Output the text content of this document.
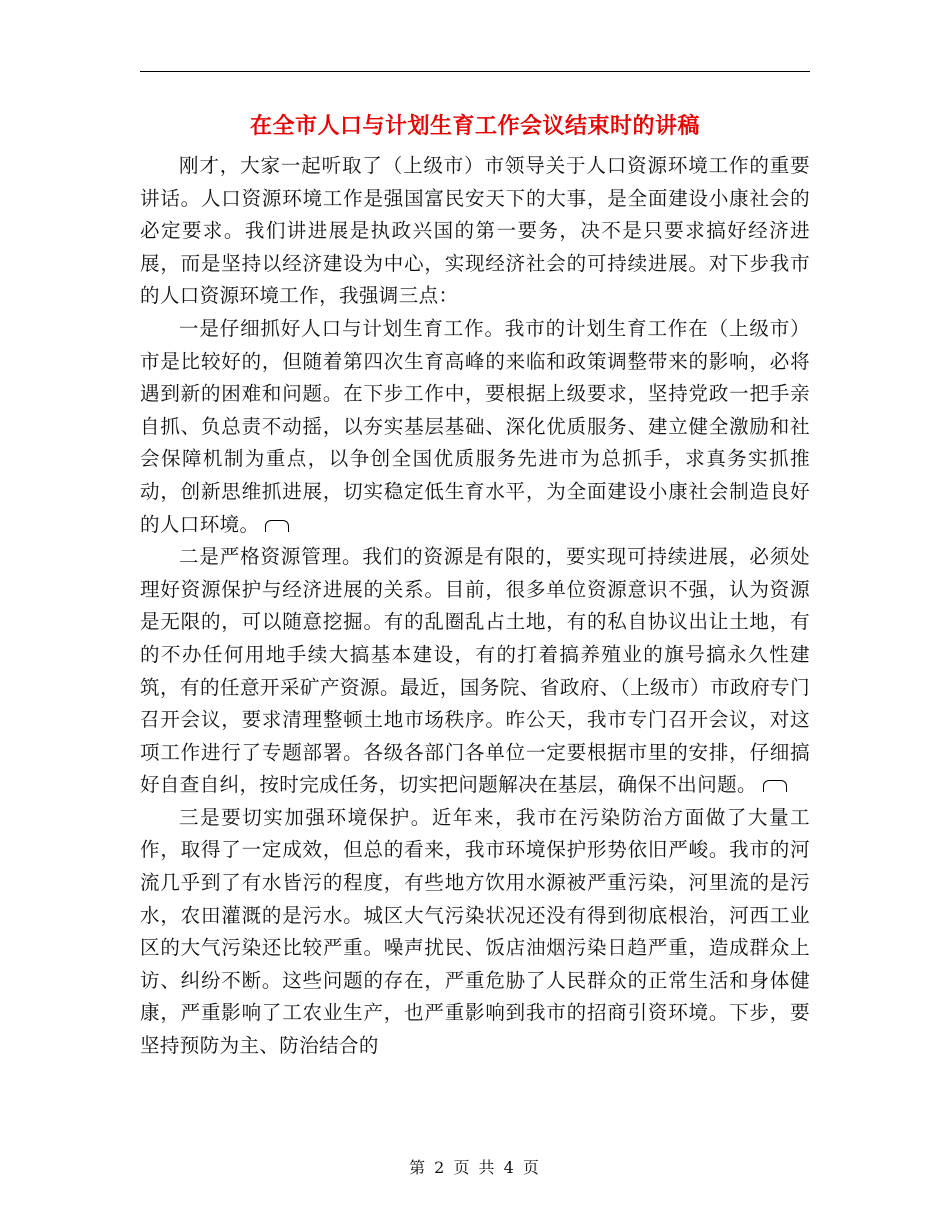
在全市人口与计划生育工作会议结束时的讲稿

刚才，大家一起听取了（上级市）市领导关于人口资源环境工作的重要讲话。人口资源环境工作是强国富民安天下的大事，是全面建设小康社会的必定要求。我们讲进展是执政兴国的第一要务，决不是只要求搞好经济进展，而是坚持以经济建设为中心，实现经济社会的可持续进展。对下步我市的人口资源环境工作，我强调三点：

一是仔细抓好人口与计划生育工作。我市的计划生育工作在（上级市）市是比较好的，但随着第四次生育高峰的来临和政策调整带来的影响，必将遇到新的困难和问题。在下步工作中，要根据上级要求，坚持党政一把手亲自抓、负总责不动摇，以夯实基层基础、深化优质服务、建立健全激励和社会保障机制为重点，以争创全国优质服务先进市为总抓手，求真务实抓推动，创新思维抓进展，切实稳定低生育水平，为全面建设小康社会制造良好的人口环境。

二是严格资源管理。我们的资源是有限的，要实现可持续进展，必须处理好资源保护与经济进展的关系。目前，很多单位资源意识不强，认为资源是无限的，可以随意挖掘。有的乱圈乱占土地，有的私自协议出让土地，有的不办任何用地手续大搞基本建设，有的打着搞养殖业的旗号搞永久性建筑，有的任意开采矿产资源。最近，国务院、省政府、（上级市）市政府专门召开会议，要求清理整顿土地市场秩序。昨公天，我市专门召开会议，对这项工作进行了专题部署。各级各部门各单位一定要根据市里的安排，仔细搞好自查自纠，按时完成任务，切实把问题解决在基层，确保不出问题。

三是要切实加强环境保护。近年来，我市在污染防治方面做了大量工作，取得了一定成效，但总的看来，我市环境保护形势依旧严峻。我市的河流几乎到了有水皆污的程度，有些地方饮用水源被严重污染，河里流的是污水，农田灌溉的是污水。城区大气污染状况还没有得到彻底根治，河西工业区的大气污染还比较严重。噪声扰民、饭店油烟污染日趋严重，造成群众上访、纠纷不断。这些问题的存在，严重危胁了人民群众的正常生活和身体健康，严重影响了工农业生产，也严重影响到我市的招商引资环境。下步，要坚持预防为主、防治结合的

第 2 页 共 4 页
